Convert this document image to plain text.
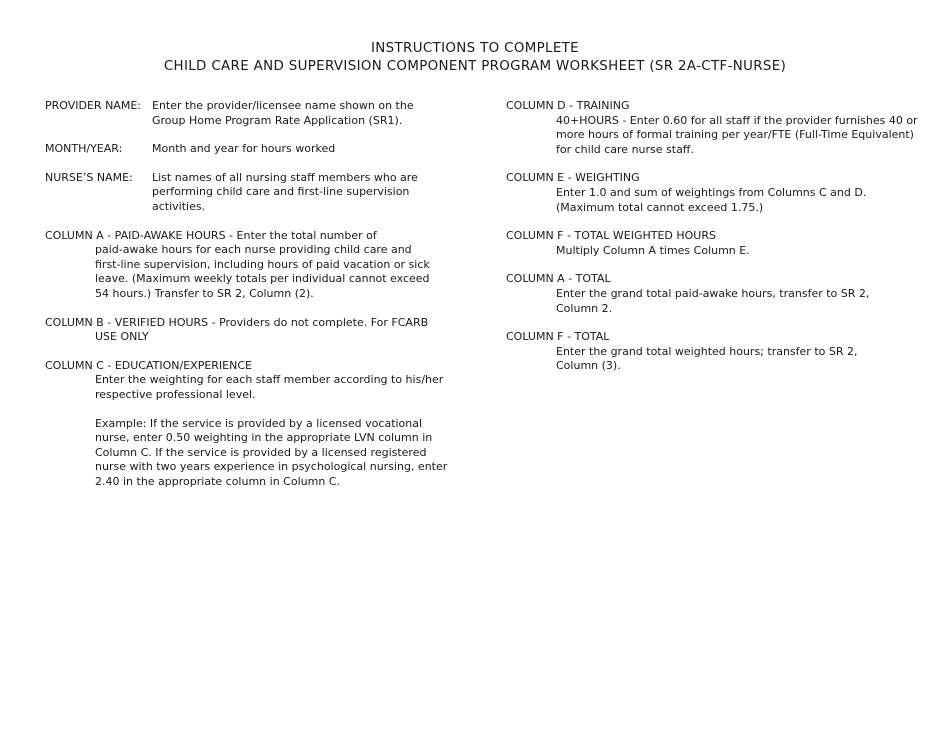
INSTRUCTIONS TO COMPLETE
CHILD CARE AND SUPERVISION COMPONENT PROGRAM WORKSHEET (SR 2A-CTF-NURSE)
PROVIDER NAME:	Enter the provider/licensee name shown on the
Group Home Program Rate Application (SR1).
MONTH/YEAR:	Month and year for hours worked
NURSE’S NAME:	List names of all nursing staff members who are
performing child care and first-line supervision
activities.
COLUMN A - PAID-AWAKE HOURS - Enter the total number of
paid-awake hours for each nurse providing child care and
first-line supervision, including hours of paid vacation or sick
leave. (Maximum weekly totals per individual cannot exceed
54 hours.) Transfer to SR 2, Column (2).
COLUMN B - VERIFIED HOURS - Providers do not complete. For FCARB
USE ONLY
COLUMN C - EDUCATION/EXPERIENCE
Enter the weighting for each staff member according to his/her
respective professional level.
Example: If the service is provided by a licensed vocational
nurse, enter 0.50 weighting in the appropriate LVN column in
Column C. If the service is provided by a licensed registered
nurse with two years experience in psychological nursing, enter
2.40 in the appropriate column in Column C.
COLUMN D - TRAINING
40+HOURS - Enter 0.60 for all staff if the provider furnishes 40 or
more hours of formal training per year/FTE (Full-Time Equivalent)
for child care nurse staff.
COLUMN E - WEIGHTING
Enter 1.0 and sum of weightings from Columns C and D.
(Maximum total cannot exceed 1.75.)
COLUMN F - TOTAL WEIGHTED HOURS
Multiply Column A times Column E.
COLUMN A - TOTAL
Enter the grand total paid-awake hours, transfer to SR 2,
Column 2.
COLUMN F - TOTAL
Enter the grand total weighted hours; transfer to SR 2,
Column (3).
